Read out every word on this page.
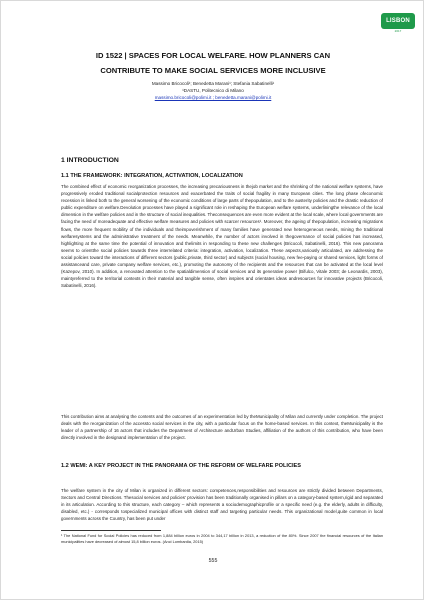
LISBON
2017
ID 1522 | SPACES FOR LOCAL WELFARE. HOW PLANNERS CAN
CONTRIBUTE TO MAKE SOCIAL SERVICES MORE INCLUSIVE
Massimo Bricocoli¹; Benedetta Marani¹; Stefania Sabatinelli¹
¹DASTU, Politecnico di Milano
massimo.bricocoli@polimi.it ; benedetta.marani@polimi.it
1 INTRODUCTION
1.1 THE FRAMEWORK: INTEGRATION, ACTIVATION, LOCALIZATION
The combined effect of economic reorganization processes, the increasing precariousness in thejob market and the shrinking of the national welfare systems, have progressively eroded traditional socialprotection resources and exacerbated the traits of social fragility in many European cities. The long phase ofeconomic recession is linked both to the general worsening of the economic conditions of large parts of thepopulation, and to the austerity policies and the drastic reduction of public expenditure on welfare.Devolution processes have played a significant role in reshaping the European welfare systems, underliningthe relevance of the local dimension in the welfare policies and in the structure of social inequalities. Theconsequences are even more evident at the local scale, where local governments are facing the need of moreadequate and effective welfare measures and policies with scarcer resources¹. Moreover, the ageing of thepopulation, increasing migrations flows, the more frequent mobility of the individuals and theimpoverishment of many families have generated new heterogeneous needs, mining the traditional welfaresystems and the administrative treatment of the needs. Meanwhile, the number of actors involved in thegovernance of social policies has increased, highlighting at the same time the potential of innovation and thelimits in responding to these new challenges (Bricocoli, Sabatinelli, 2016). This new panorama seems to orientthe social policies towards three interrelated criteria: integration, activation, localization. These aspects,variously articulated, are addressing the social policies toward the interactions of different sectors (public,private, third sector) and subjects (social housing, new fee-paying or shared services, light forms of assistanceand care, private company welfare services, etc.), promoting the autonomy of the recipients and the resources that can be activated at the local level (Kazepov, 2010). In addition, a renovated attention to the spatialdimension of social services and its generative power (Bifulco, Vitale 2003; de Leonardis, 2003), maintyreferred to the territorial contexts in their material and tangible sense, often inspires and orientates ideas andresources for innovative projects (Bricocoli, Sabatinelli, 2016).
This contribution aims at analysing the contents and the outcomes of an experimentation led by theMunicipality of Milan and currently under completion. The project deals with the reorganization of the accessto social services in the city, with a particular focus on the home-based services. In this context, theMunicipality is the leader of a partnership of 16 actors that includes the Department of Architecture andUrban Studies, affiliation of the authors of this contribution, who have been directly involved in the designand implementation of the project.
1.2 WEMI: A KEY PROJECT IN THE PANORAMA OF THE REFORM OF WELFARE POLICIES
The welfare system in the city of Milan is organized in different sectors: competences,responsibilities and resources are strictly divided between Departments, Sectors and Central Directions. Thesocial services and policies' provision has been traditionally organised in pillars on a category-based system,rigid and separated in its articulation. According to this structure, each category – which represents a sociodemographicprofile or a specific need (e.g. the elderly, adults in difficulty, disabled, etc.) - corresponds tospecialized municipal offices with distinct staff and targeting particular needs. This organizational model,quite common in local governments across the Country, has been put under
¹ The National Fund for Social Policies has reduced from 1,884 billion euros in 2004 to 344,17 billion in 2013, a reduction of the 80%. Since 2007 the financial resources of the Italian municipalities have decreased of almost 15,8 billion euros. (Anci Lombardia, 2015)
555
